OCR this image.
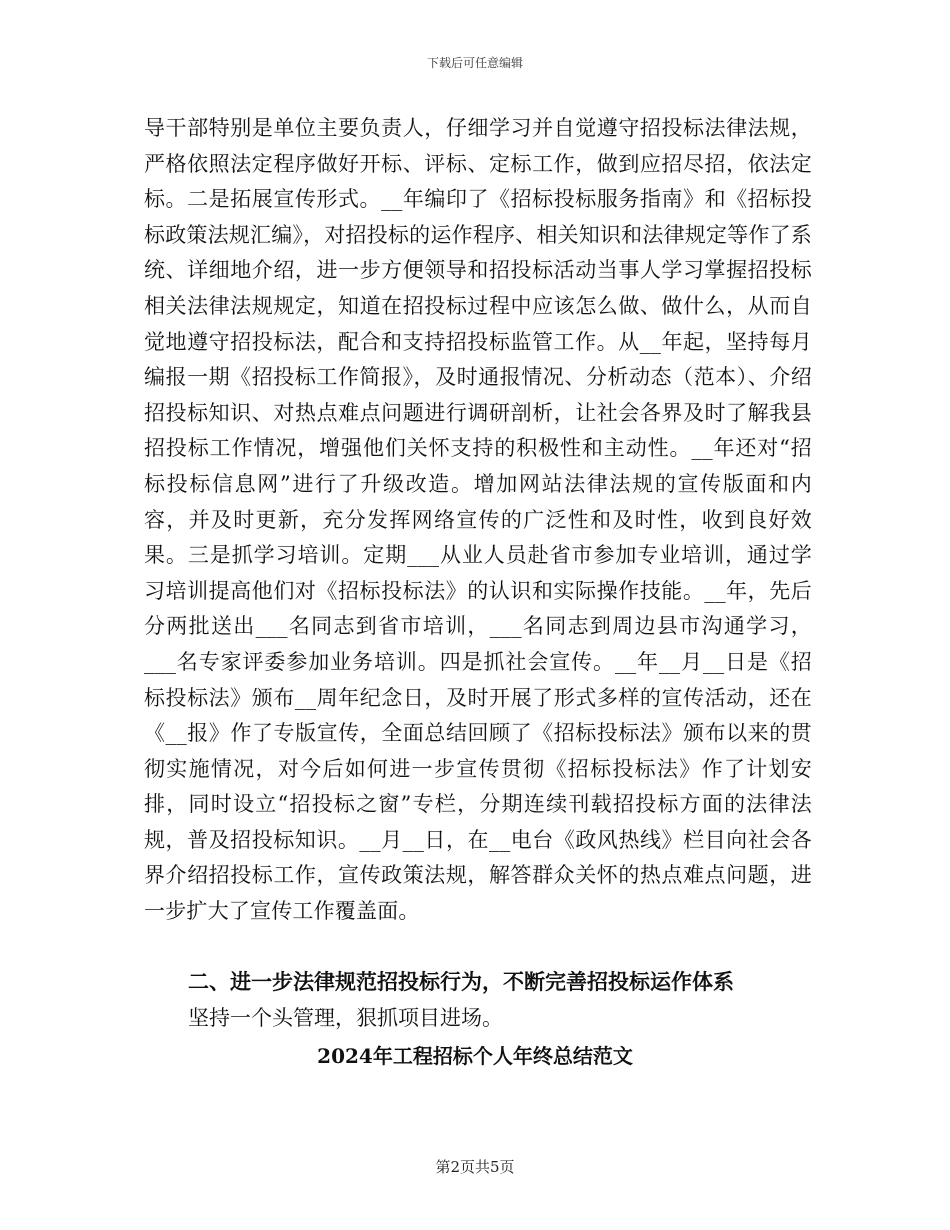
下载后可任意编辑

导干部特别是单位主要负责人，仔细学习并自觉遵守招投标法律法规，严格依照法定程序做好开标、评标、定标工作，做到应招尽招，依法定标。二是拓展宣传形式。__年编印了《招标投标服务指南》和《招标投标政策法规汇编》，对招投标的运作程序、相关知识和法律规定等作了系统、详细地介绍，进一步方便领导和招投标活动当事人学习掌握招投标相关法律法规规定，知道在招投标过程中应该怎么做、做什么，从而自觉地遵守招投标法，配合和支持招投标监管工作。从__年起，坚持每月编报一期《招投标工作简报》，及时通报情况、分析动态（范本）、介绍招投标知识、对热点难点问题进行调研剖析，让社会各界及时了解我县招投标工作情况，增强他们关怀支持的积极性和主动性。__年还对“招标投标信息网”进行了升级改造。增加网站法律法规的宣传版面和内容，并及时更新，充分发挥网络宣传的广泛性和及时性，收到良好效果。三是抓学习培训。定期___从业人员赴省市参加专业培训，通过学习培训提高他们对《招标投标法》的认识和实际操作技能。__年，先后分两批送出___名同志到省市培训，___名同志到周边县市沟通学习，___名专家评委参加业务培训。四是抓社会宣传。__年__月__日是《招标投标法》颁布__周年纪念日，及时开展了形式多样的宣传活动，还在《__报》作了专版宣传，全面总结回顾了《招标投标法》颁布以来的贯彻实施情况，对今后如何进一步宣传贯彻《招标投标法》作了计划安排，同时设立“招投标之窗”专栏，分期连续刊载招投标方面的法律法规，普及招投标知识。__月__日，在__电台《政风热线》栏目向社会各界介绍招投标工作，宣传政策法规，解答群众关怀的热点难点问题，进一步扩大了宣传工作覆盖面。

二、进一步法律规范招投标行为，不断完善招投标运作体系
坚持一个头管理，狠抓项目进场。
2024年工程招标个人年终总结范文
第2页共5页
